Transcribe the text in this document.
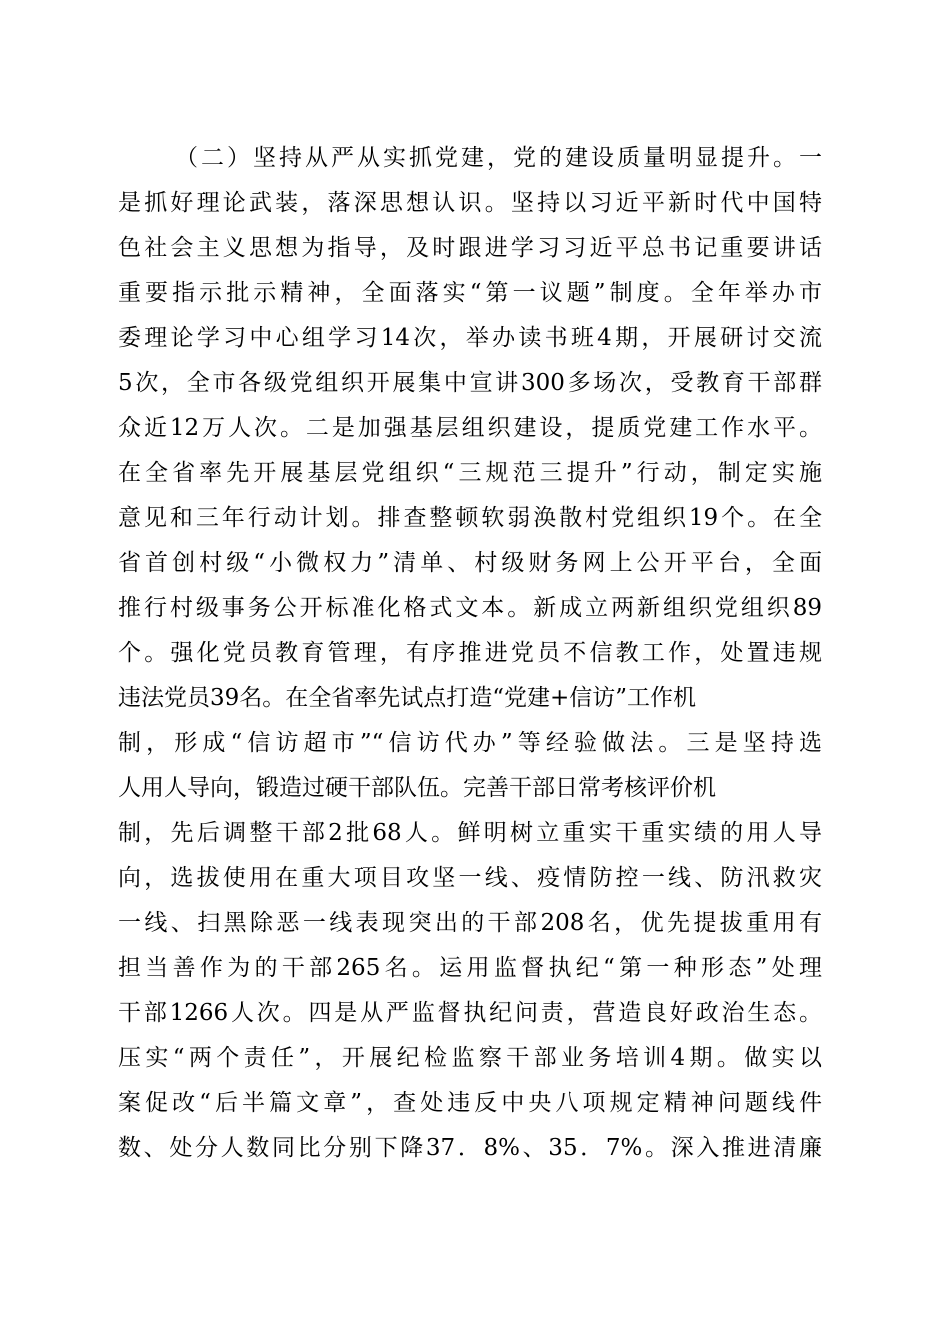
（二）坚持从严从实抓党建，党的建设质量明显提升。一
是抓好理论武装，落深思想认识。坚持以习近平新时代中国特
色社会主义思想为指导，及时跟进学习习近平总书记重要讲话
重要指示批示精神，全面落实“第一议题”制度。全年举办市
委理论学习中心组学习14次，举办读书班4期，开展研讨交流
5次，全市各级党组织开展集中宣讲300多场次，受教育干部群
众近12万人次。二是加强基层组织建设，提质党建工作水平。
在全省率先开展基层党组织“三规范三提升”行动，制定实施
意见和三年行动计划。排查整顿软弱涣散村党组织19个。在全
省首创村级“小微权力”清单、村级财务网上公开平台，全面
推行村级事务公开标准化格式文本。新成立两新组织党组织89
个。强化党员教育管理，有序推进党员不信教工作，处置违规
违法党员39名。在全省率先试点打造“党建+信访”工作机
制，形成“信访超市”“信访代办”等经验做法。三是坚持选
人用人导向，锻造过硬干部队伍。完善干部日常考核评价机
制，先后调整干部2批68人。鲜明树立重实干重实绩的用人导
向，选拔使用在重大项目攻坚一线、疫情防控一线、防汛救灾
一线、扫黑除恶一线表现突出的干部208名，优先提拔重用有
担当善作为的干部265名。运用监督执纪“第一种形态”处理
干部1266人次。四是从严监督执纪问责，营造良好政治生态。
压实“两个责任”，开展纪检监察干部业务培训4期。做实以
案促改“后半篇文章”，查处违反中央八项规定精神问题线件
数、处分人数同比分别下降37．8%、35．7%。深入推进清廉
